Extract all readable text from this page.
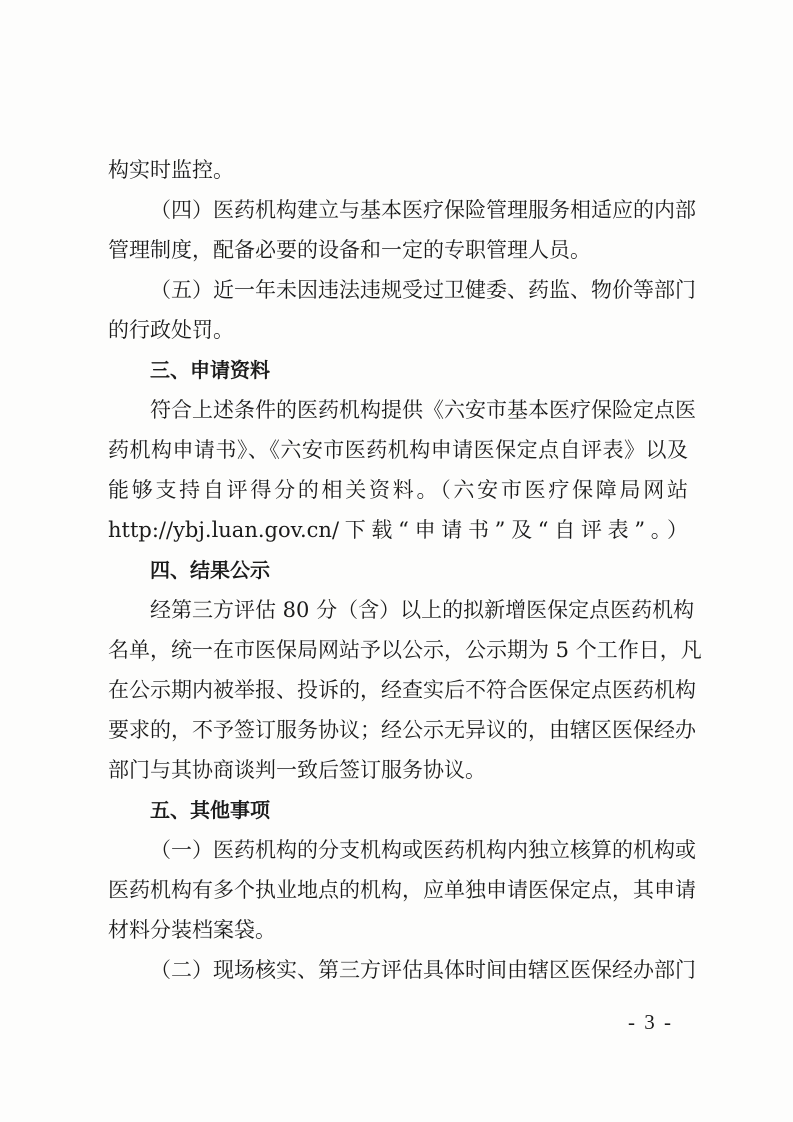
构实时监控。
（四）医药机构建立与基本医疗保险管理服务相适应的内部
管理制度，配备必要的设备和一定的专职管理人员。
（五）近一年未因违法违规受过卫健委、药监、物价等部门
的行政处罚。
三、申请资料
符合上述条件的医药机构提供《六安市基本医疗保险定点医
药机构申请书》、《六安市医药机构申请医保定点自评表》以及
能够支持自评得分的相关资料。（六安市医疗保障局网站
http://ybj.luan.gov.cn/下载“申请书”及“自评表”。）
四、结果公示
经第三方评估 80 分（含）以上的拟新增医保定点医药机构
名单，统一在市医保局网站予以公示，公示期为 5 个工作日，凡
在公示期内被举报、投诉的，经查实后不符合医保定点医药机构
要求的，不予签订服务协议；经公示无异议的，由辖区医保经办
部门与其协商谈判一致后签订服务协议。
五、其他事项
（一）医药机构的分支机构或医药机构内独立核算的机构或
医药机构有多个执业地点的机构，应单独申请医保定点，其申请
材料分装档案袋。
（二）现场核实、第三方评估具体时间由辖区医保经办部门
- 3 -
